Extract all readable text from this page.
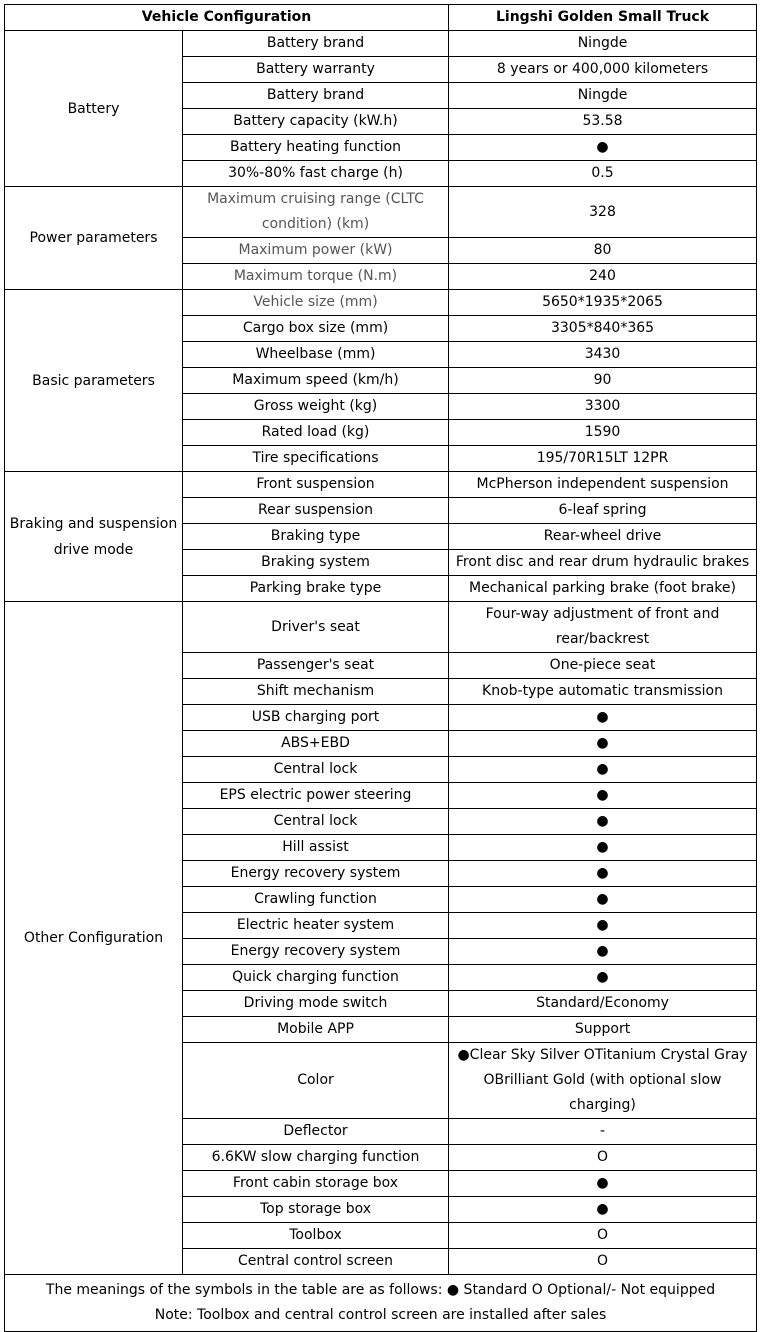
Vehicle Configuration		Lingshi Golden Small Truck
Battery	Battery brand	Ningde
	Battery warranty	8 years or 400,000 kilometers
	Battery brand	Ningde
	Battery capacity (kW.h)	53.58
	Battery heating function	●
	30%-80% fast charge (h)	0.5
Power parameters	Maximum cruising range (CLTC condition) (km)	328
	Maximum power (kW)	80
	Maximum torque (N.m)	240
Basic parameters	Vehicle size (mm)	5650*1935*2065
	Cargo box size (mm)	3305*840*365
	Wheelbase (mm)	3430
	Maximum speed (km/h)	90
	Gross weight (kg)	3300
	Rated load (kg)	1590
	Tire specifications	195/70R15LT 12PR
Braking and suspension drive mode	Front suspension	McPherson independent suspension
	Rear suspension	6-leaf spring
	Braking type	Rear-wheel drive
	Braking system	Front disc and rear drum hydraulic brakes
	Parking brake type	Mechanical parking brake (foot brake)
Other Configuration	Driver's seat	Four-way adjustment of front and rear/backrest
	Passenger's seat	One-piece seat
	Shift mechanism	Knob-type automatic transmission
	USB charging port	●
	ABS+EBD	●
	Central lock	●
	EPS electric power steering	●
	Central lock	●
	Hill assist	●
	Energy recovery system	●
	Crawling function	●
	Electric heater system	●
	Energy recovery system	●
	Quick charging function	●
	Driving mode switch	Standard/Economy
	Mobile APP	Support
	Color	●Clear Sky Silver OTitanium Crystal Gray OBrilliant Gold (with optional slow charging)
	Deflector	-
	6.6KW slow charging function	O
	Front cabin storage box	●
	Top storage box	●
	Toolbox	O
	Central control screen	O

The meanings of the symbols in the table are as follows: ● Standard O Optional/- Not equipped
Note: Toolbox and central control screen are installed after sales		
